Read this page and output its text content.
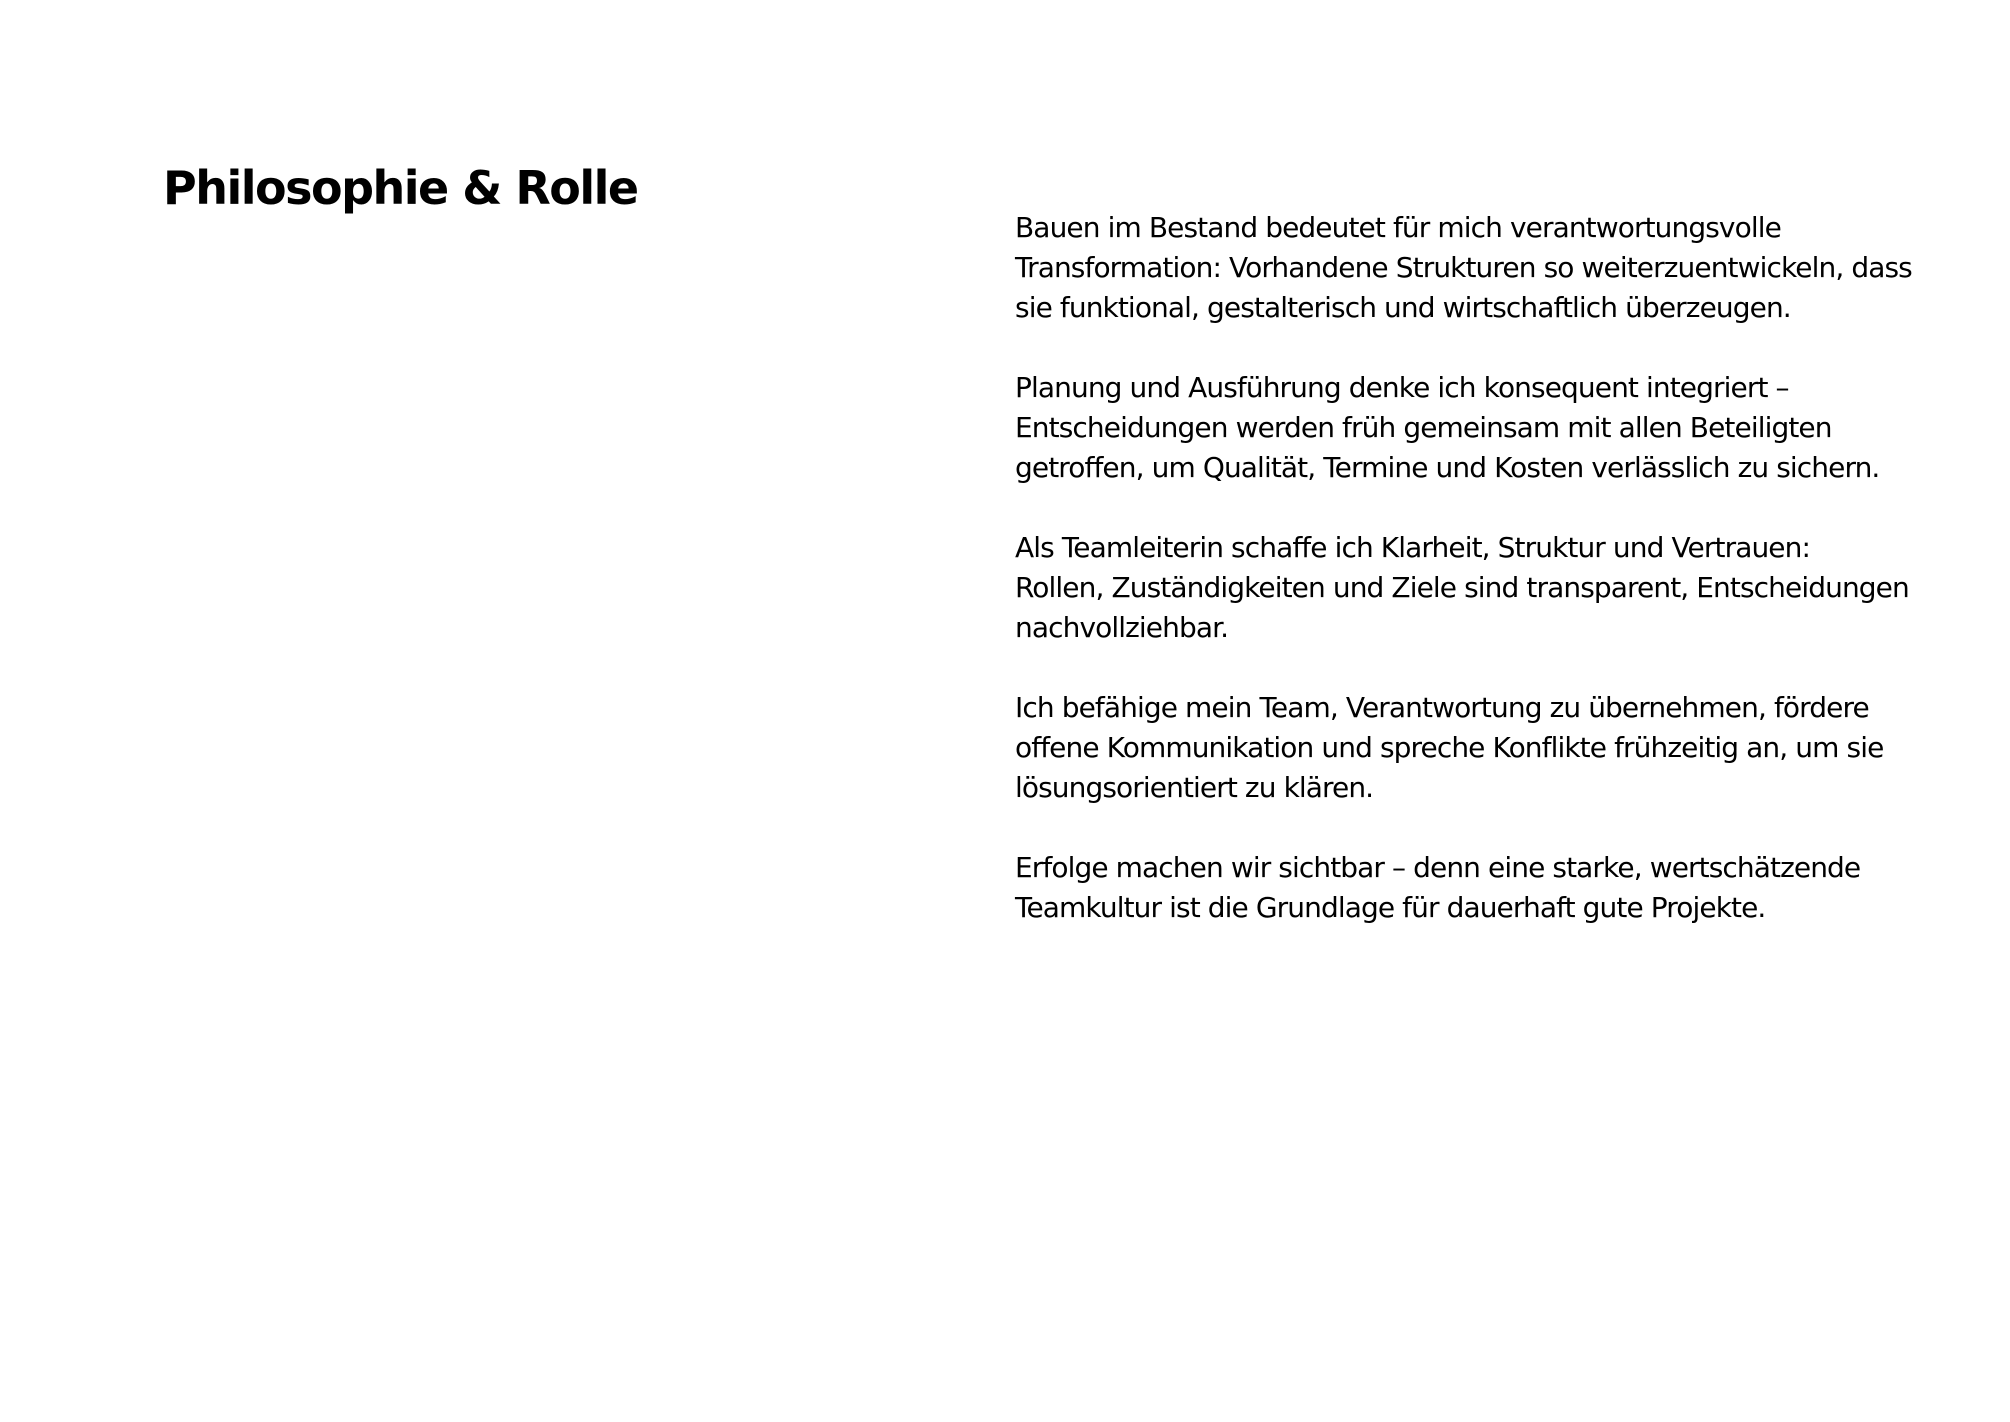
Philosophie & Rolle

Bauen im Bestand bedeutet für mich verantwortungsvolle
Transformation: Vorhandene Strukturen so weiterzuentwickeln, dass
sie funktional, gestalterisch und wirtschaftlich überzeugen.

Planung und Ausführung denke ich konsequent integriert –
Entscheidungen werden früh gemeinsam mit allen Beteiligten
getroffen, um Qualität, Termine und Kosten verlässlich zu sichern.

Als Teamleiterin schaffe ich Klarheit, Struktur und Vertrauen:
Rollen, Zuständigkeiten und Ziele sind transparent, Entscheidungen
nachvollziehbar.

Ich befähige mein Team, Verantwortung zu übernehmen, fördere
offene Kommunikation und spreche Konflikte frühzeitig an, um sie
lösungsorientiert zu klären.

Erfolge machen wir sichtbar – denn eine starke, wertschätzende
Teamkultur ist die Grundlage für dauerhaft gute Projekte.
